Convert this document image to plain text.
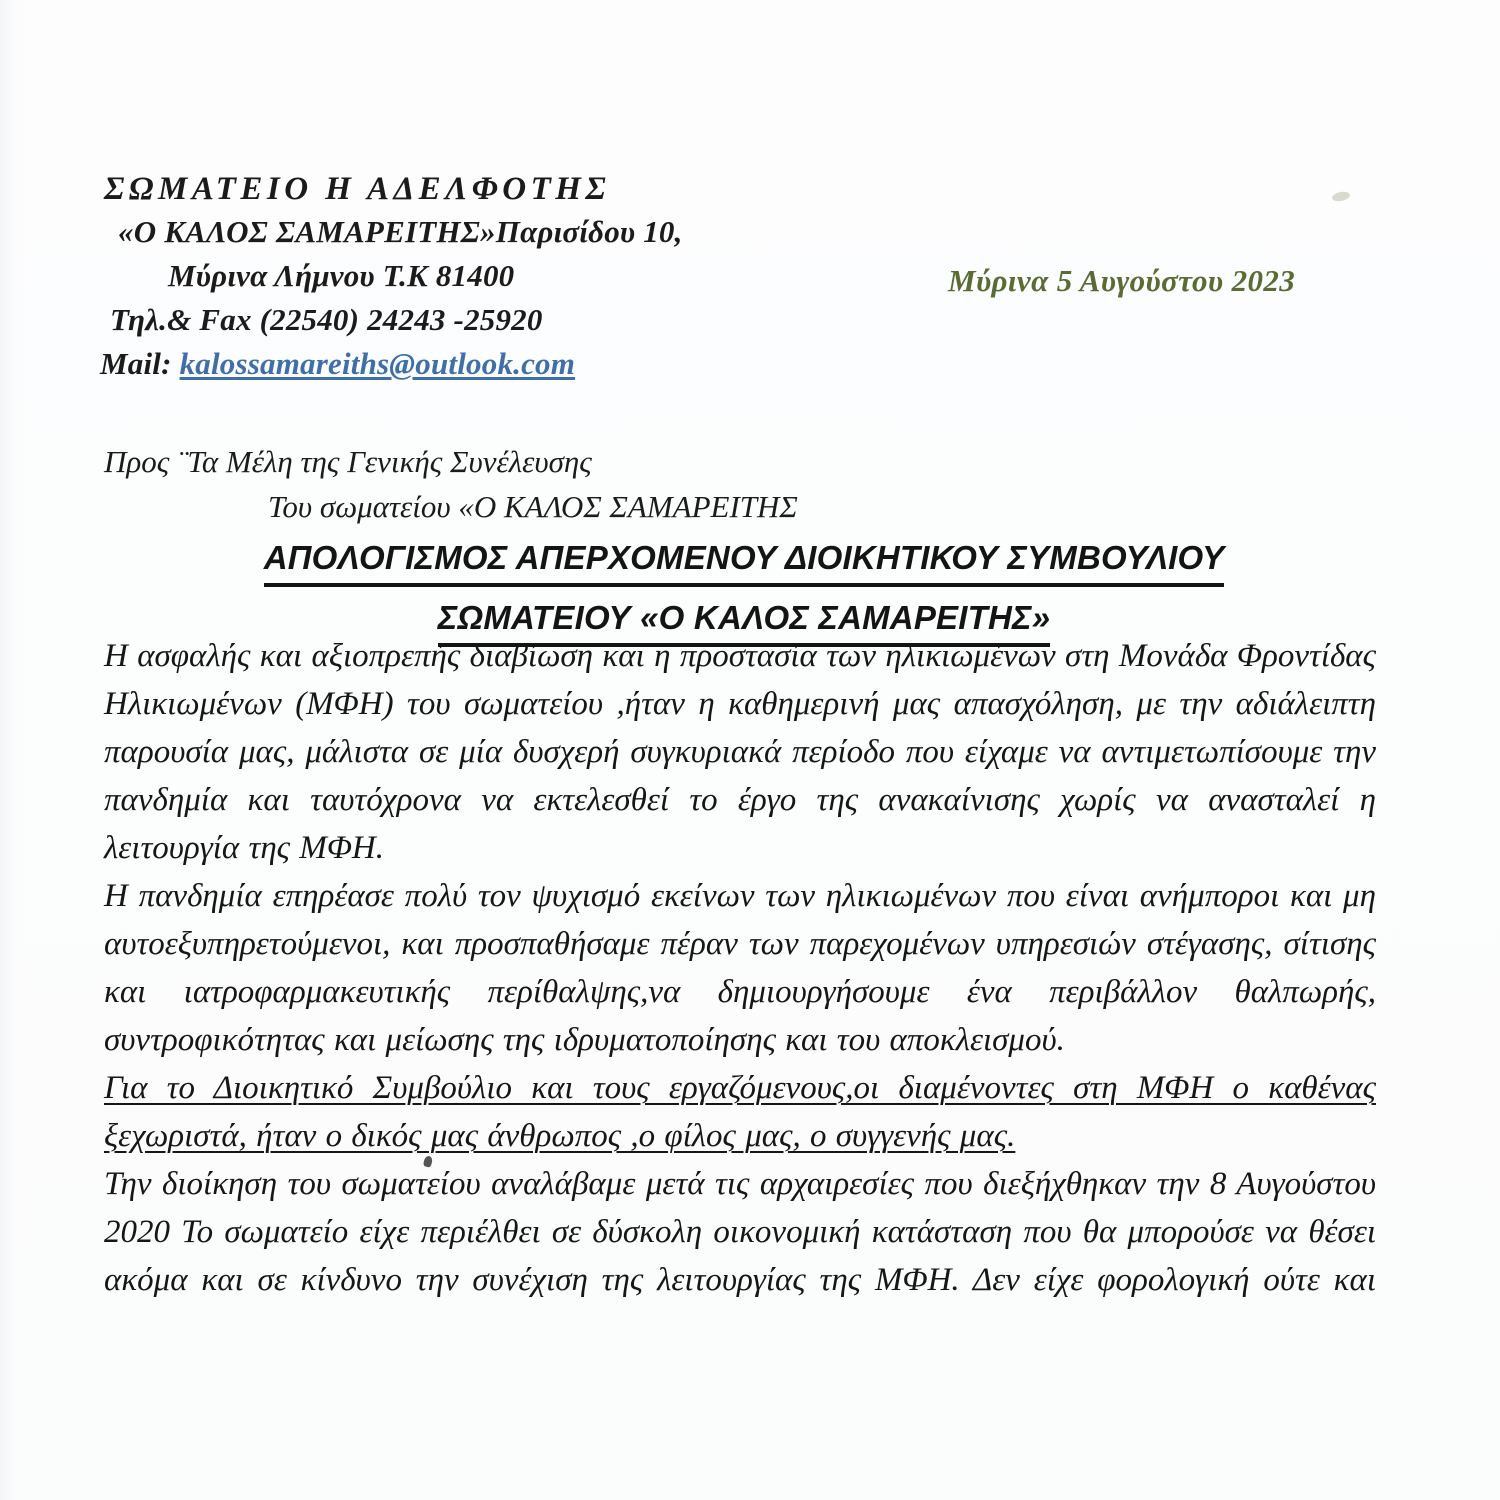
ΣΩΜΑΤΕΙΟ Η ΑΔΕΛΦΟΤΗΣ
«Ο ΚΑΛΟΣ ΣΑΜΑΡΕΙΤΗΣ»Παρισίδου 10,
Μύρινα Λήμνου Τ.Κ 81400
Τηλ.& Fax (22540) 24243 -25920
Mail: kalossamareiths@outlook.com
Μύρινα 5 Αυγούστου 2023
Προς ¨Τα Μέλη της Γενικής Συνέλευσης
Του σωματείου «Ο ΚΑΛΟΣ ΣΑΜΑΡΕΙΤΗΣ
ΑΠΟΛΟΓΙΣΜΟΣ ΑΠΕΡΧΟΜΕΝΟΥ ΔΙΟΙΚΗΤΙΚΟΥ ΣΥΜΒΟΥΛΙΟΥ
ΣΩΜΑΤΕΙΟΥ «Ο ΚΑΛΟΣ ΣΑΜΑΡΕΙΤΗΣ»

Η ασφαλής και αξιοπρεπής διαβίωση και η προστασία των ηλικιωμένων στη Μονάδα Φροντίδας Ηλικιωμένων (ΜΦΗ) του σωματείου ,ήταν η καθημερινή μας απασχόληση, με την αδιάλειπτη παρουσία μας, μάλιστα σε μία δυσχερή συγκυριακά περίοδο που είχαμε να αντιμετωπίσουμε την πανδημία και ταυτόχρονα να εκτελεσθεί το έργο της ανακαίνισης χωρίς να ανασταλεί η λειτουργία της ΜΦΗ.

Η πανδημία επηρέασε πολύ τον ψυχισμό εκείνων των ηλικιωμένων που είναι ανήμποροι και μη αυτοεξυπηρετούμενοι, και προσπαθήσαμε πέραν των παρεχομένων υπηρεσιών στέγασης, σίτισης και ιατροφαρμακευτικής περίθαλψης,να δημιουργήσουμε ένα περιβάλλον θαλπωρής, συντροφικότητας και μείωσης της ιδρυματοποίησης και του αποκλεισμού.

Για το Διοικητικό Συμβούλιο και τους εργαζόμενους,οι διαμένοντες στη ΜΦΗ ο καθένας ξεχωριστά, ήταν ο δικός μας άνθρωπος ,ο φίλος μας, ο συγγενής μας.

Την διοίκηση του σωματείου αναλάβαμε μετά τις αρχαιρεσίες που διεξήχθηκαν την 8 Αυγούστου 2020 Το σωματείο είχε περιέλθει σε δύσκολη οικονομική κατάσταση που θα μπορούσε να θέσει ακόμα και σε κίνδυνο την συνέχιση της λειτουργίας της ΜΦΗ. Δεν είχε φορολογική ούτε και
